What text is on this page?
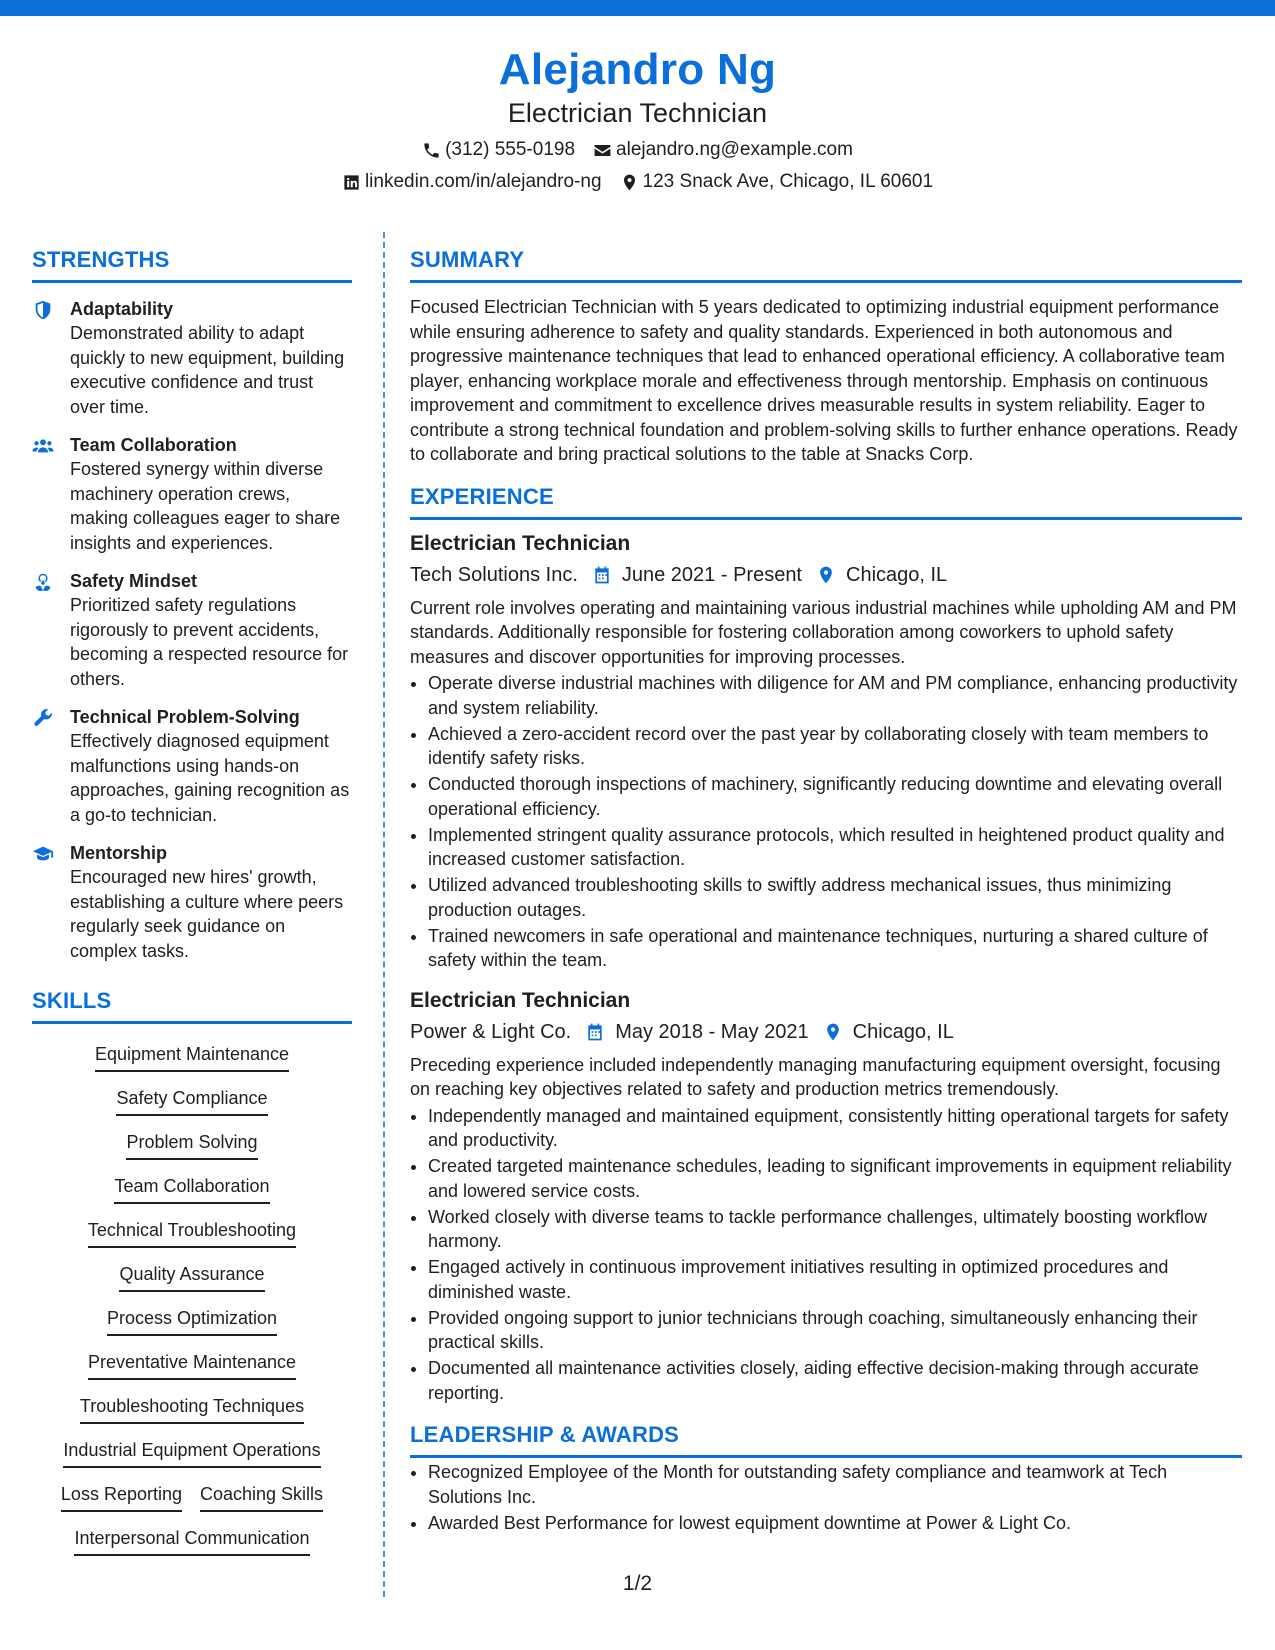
Alejandro Ng
Electrician Technician
(312) 555-0198 alejandro.ng@example.com
linkedin.com/in/alejandro-ng 123 Snack Ave, Chicago, IL 60601
STRENGTHS
Adaptability
Demonstrated ability to adapt quickly to new equipment, building executive confidence and trust over time.
Team Collaboration
Fostered synergy within diverse machinery operation crews, making colleagues eager to share insights and experiences.
Safety Mindset
Prioritized safety regulations rigorously to prevent accidents, becoming a respected resource for others.
Technical Problem-Solving
Effectively diagnosed equipment malfunctions using hands-on approaches, gaining recognition as a go-to technician.
Mentorship
Encouraged new hires' growth, establishing a culture where peers regularly seek guidance on complex tasks.
SKILLS
Equipment Maintenance
Safety Compliance
Problem Solving
Team Collaboration
Technical Troubleshooting
Quality Assurance
Process Optimization
Preventative Maintenance
Troubleshooting Techniques
Industrial Equipment Operations
Loss Reporting Coaching Skills
Interpersonal Communication
SUMMARY
Focused Electrician Technician with 5 years dedicated to optimizing industrial equipment performance while ensuring adherence to safety and quality standards. Experienced in both autonomous and progressive maintenance techniques that lead to enhanced operational efficiency. A collaborative team player, enhancing workplace morale and effectiveness through mentorship. Emphasis on continuous improvement and commitment to excellence drives measurable results in system reliability. Eager to contribute a strong technical foundation and problem-solving skills to further enhance operations. Ready to collaborate and bring practical solutions to the table at Snacks Corp.
EXPERIENCE
Electrician Technician
Tech Solutions Inc. June 2021 - Present Chicago, IL
Current role involves operating and maintaining various industrial machines while upholding AM and PM standards. Additionally responsible for fostering collaboration among coworkers to uphold safety measures and discover opportunities for improving processes.
• Operate diverse industrial machines with diligence for AM and PM compliance, enhancing productivity and system reliability.
• Achieved a zero-accident record over the past year by collaborating closely with team members to identify safety risks.
• Conducted thorough inspections of machinery, significantly reducing downtime and elevating overall operational efficiency.
• Implemented stringent quality assurance protocols, which resulted in heightened product quality and increased customer satisfaction.
• Utilized advanced troubleshooting skills to swiftly address mechanical issues, thus minimizing production outages.
• Trained newcomers in safe operational and maintenance techniques, nurturing a shared culture of safety within the team.
Electrician Technician
Power & Light Co. May 2018 - May 2021 Chicago, IL
Preceding experience included independently managing manufacturing equipment oversight, focusing on reaching key objectives related to safety and production metrics tremendously.
• Independently managed and maintained equipment, consistently hitting operational targets for safety and productivity.
• Created targeted maintenance schedules, leading to significant improvements in equipment reliability and lowered service costs.
• Worked closely with diverse teams to tackle performance challenges, ultimately boosting workflow harmony.
• Engaged actively in continuous improvement initiatives resulting in optimized procedures and diminished waste.
• Provided ongoing support to junior technicians through coaching, simultaneously enhancing their practical skills.
• Documented all maintenance activities closely, aiding effective decision-making through accurate reporting.
LEADERSHIP & AWARDS
• Recognized Employee of the Month for outstanding safety compliance and teamwork at Tech Solutions Inc.
• Awarded Best Performance for lowest equipment downtime at Power & Light Co.
1/2
